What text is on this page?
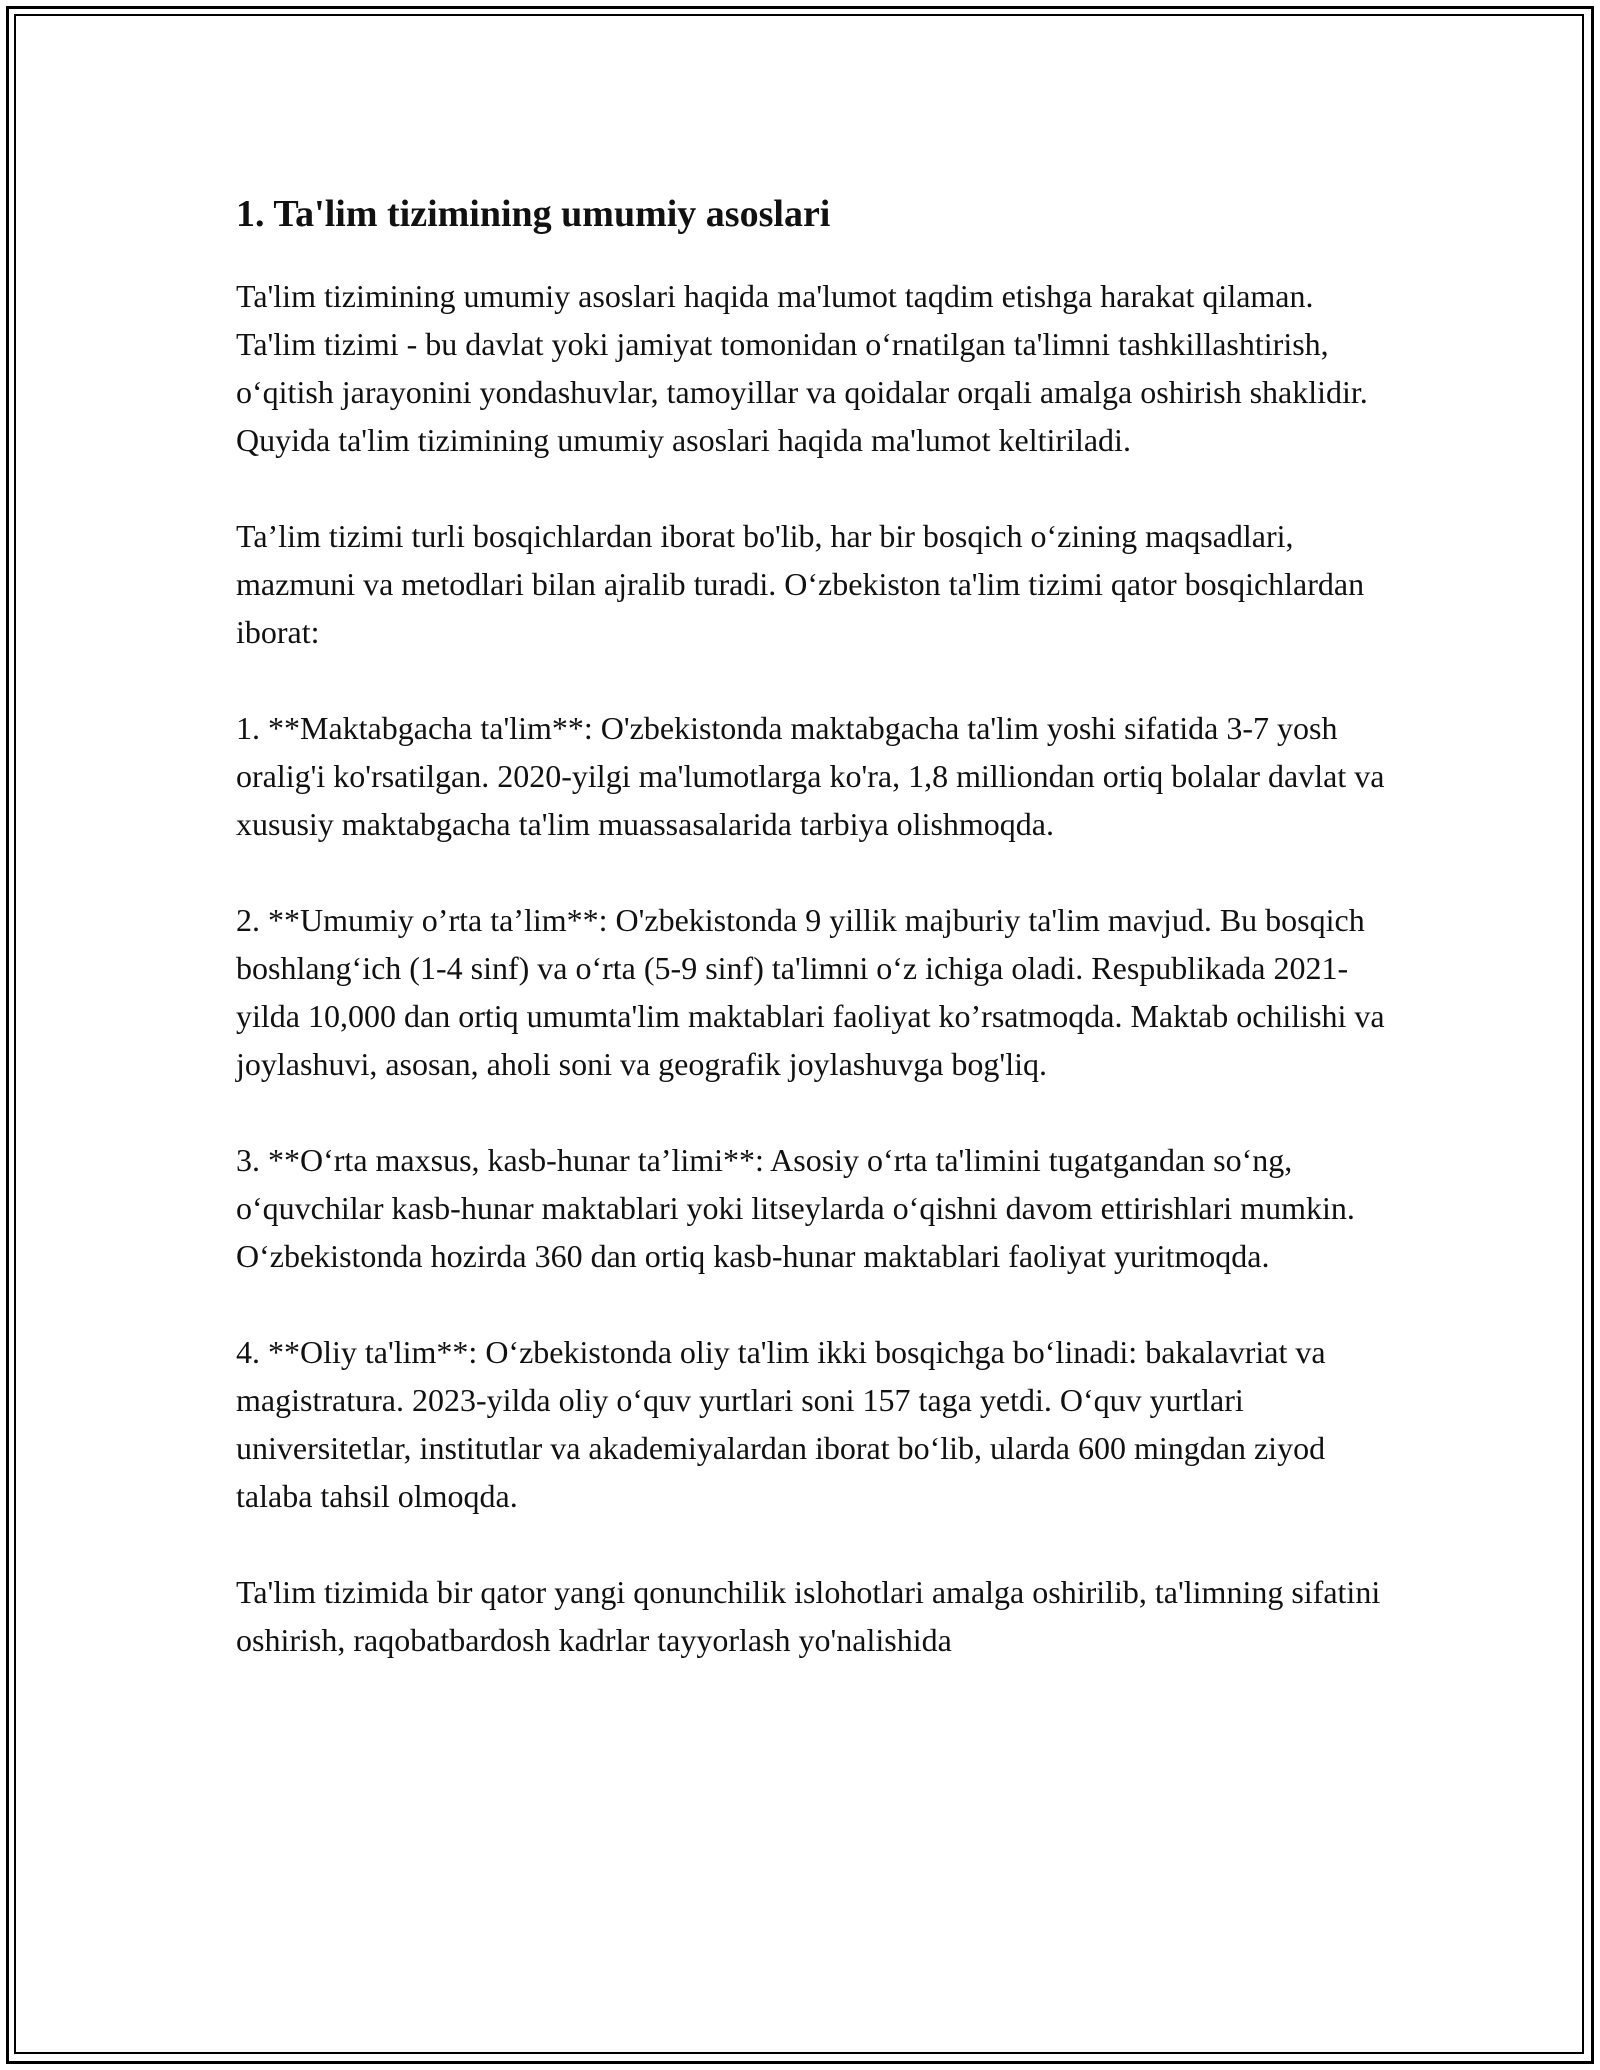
1. Ta'lim tizimining umumiy asoslari

Ta'lim tizimining umumiy asoslari haqida ma'lumot taqdim etishga harakat qilaman. Ta'lim tizimi - bu davlat yoki jamiyat tomonidan o‘rnatilgan ta'limni tashkillashtirish, o‘qitish jarayonini yondashuvlar, tamoyillar va qoidalar orqali amalga oshirish shaklidir. Quyida ta'lim tizimining umumiy asoslari haqida ma'lumot keltiriladi.

Ta’lim tizimi turli bosqichlardan iborat bo'lib, har bir bosqich o‘zining maqsadlari, mazmuni va metodlari bilan ajralib turadi. O‘zbekiston ta'lim tizimi qator bosqichlardan iborat:

1. **Maktabgacha ta'lim**: O'zbekistonda maktabgacha ta'lim yoshi sifatida 3-7 yosh oralig'i ko'rsatilgan. 2020-yilgi ma'lumotlarga ko'ra, 1,8 milliondan ortiq bolalar davlat va xususiy maktabgacha ta'lim muassasalarida tarbiya olishmoqda.

2. **Umumiy o’rta ta’lim**: O'zbekistonda 9 yillik majburiy ta'lim mavjud. Bu bosqich boshlang‘ich (1-4 sinf) va o‘rta (5-9 sinf) ta'limni o‘z ichiga oladi. Respublikada 2021-yilda 10,000 dan ortiq umumta'lim maktablari faoliyat ko’rsatmoqda. Maktab ochilishi va joylashuvi, asosan, aholi soni va geografik joylashuvga bog'liq.

3. **O‘rta maxsus, kasb-hunar ta’limi**: Asosiy o‘rta ta'limini tugatgandan so‘ng, o‘quvchilar kasb-hunar maktablari yoki litseylarda o‘qishni davom ettirishlari mumkin. O‘zbekistonda hozirda 360 dan ortiq kasb-hunar maktablari faoliyat yuritmoqda.

4. **Oliy ta'lim**: O‘zbekistonda oliy ta'lim ikki bosqichga bo‘linadi: bakalavriat va magistratura. 2023-yilda oliy o‘quv yurtlari soni 157 taga yetdi. O‘quv yurtlari universitetlar, institutlar va akademiyalardan iborat bo‘lib, ularda 600 mingdan ziyod talaba tahsil olmoqda.

Ta'lim tizimida bir qator yangi qonunchilik islohotlari amalga oshirilib, ta'limning sifatini oshirish, raqobatbardosh kadrlar tayyorlash yo'nalishida
